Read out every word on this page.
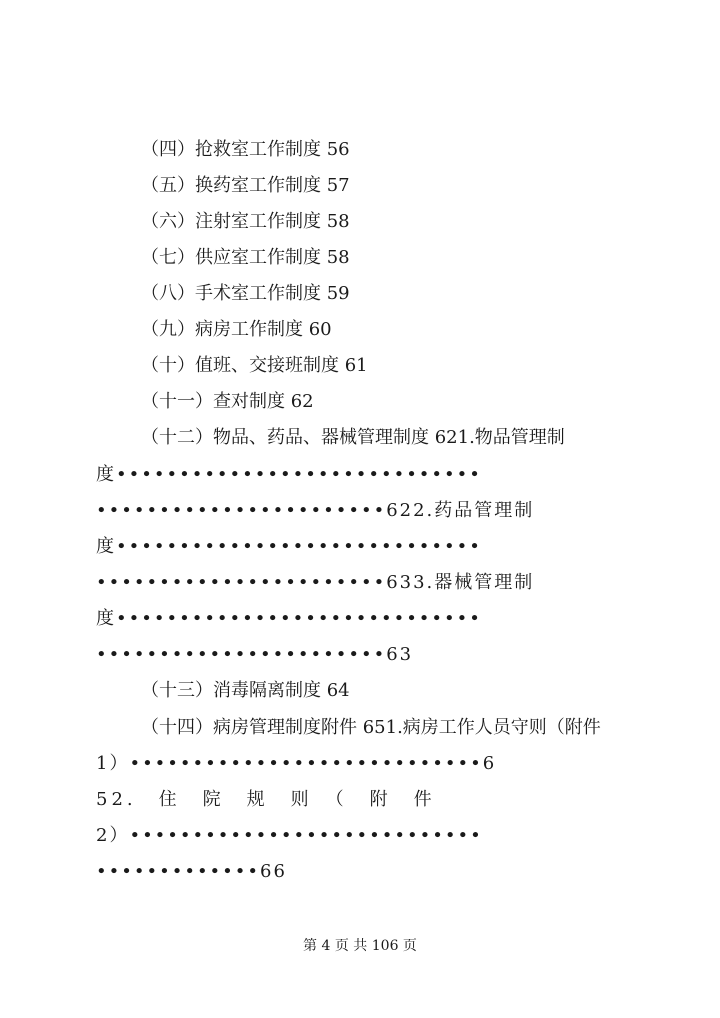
（四）抢救室工作制度 56
（五）换药室工作制度 57
（六）注射室工作制度 58
（七）供应室工作制度 58
（八）手术室工作制度 59
（九）病房工作制度 60
（十）值班、交接班制度 61
（十一）查对制度 62
（十二）物品、药品、器械管理制度 621.物品管理制
度•••••••••••••••••••••••••••••
•••••••••••••••••••••••622.药品管理制
度•••••••••••••••••••••••••••••
•••••••••••••••••••••••633.器械管理制
度•••••••••••••••••••••••••••••
•••••••••••••••••••••••63
（十三）消毒隔离制度 64
（十四）病房管理制度附件 651.病房工作人员守则（附件
1）••••••••••••••••••••••••••••6
52.　住　院　规　则　（　附　件
2）••••••••••••••••••••••••••••
•••••••••••••66
第 4 页 共 106 页
